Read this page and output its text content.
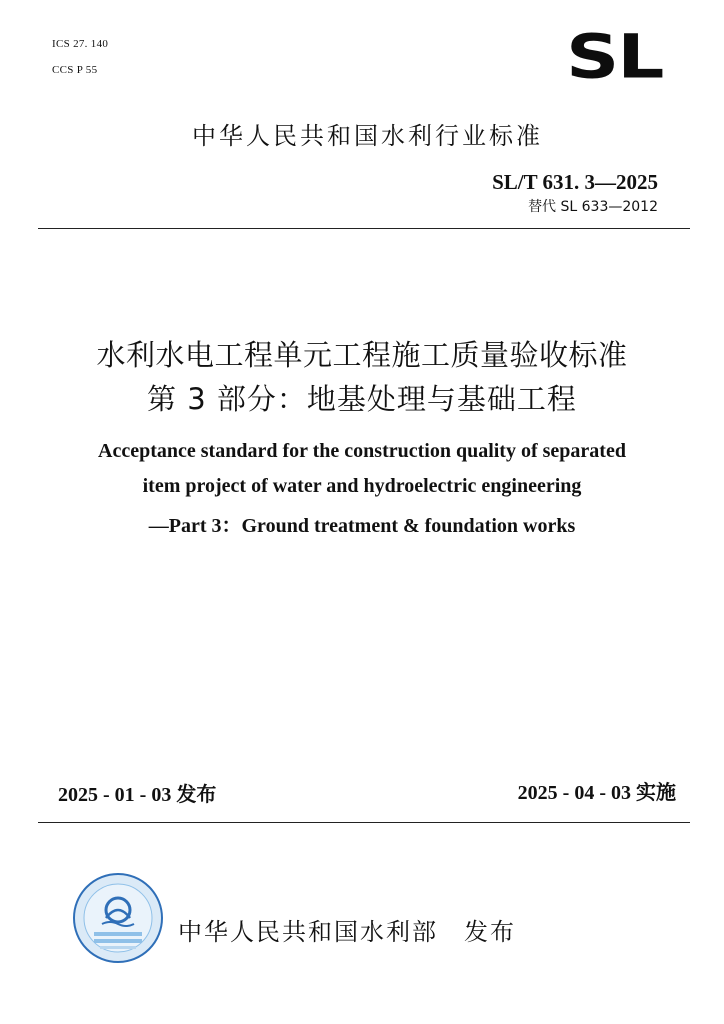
ICS 27. 140
CCS P 55	SL
中华人民共和国水利行业标准
SL/T 631. 3—2025
替代 SL 633—2012
水利水电工程单元工程施工质量验收标准
第 3 部分：地基处理与基础工程
Acceptance standard for the construction quality of separated
item project of water and hydroelectric engineering
—Part 3：Ground treatment & foundation works
2025 - 01 - 03 发布	2025 - 04 - 03 实施
中华人民共和国水利部　发布
